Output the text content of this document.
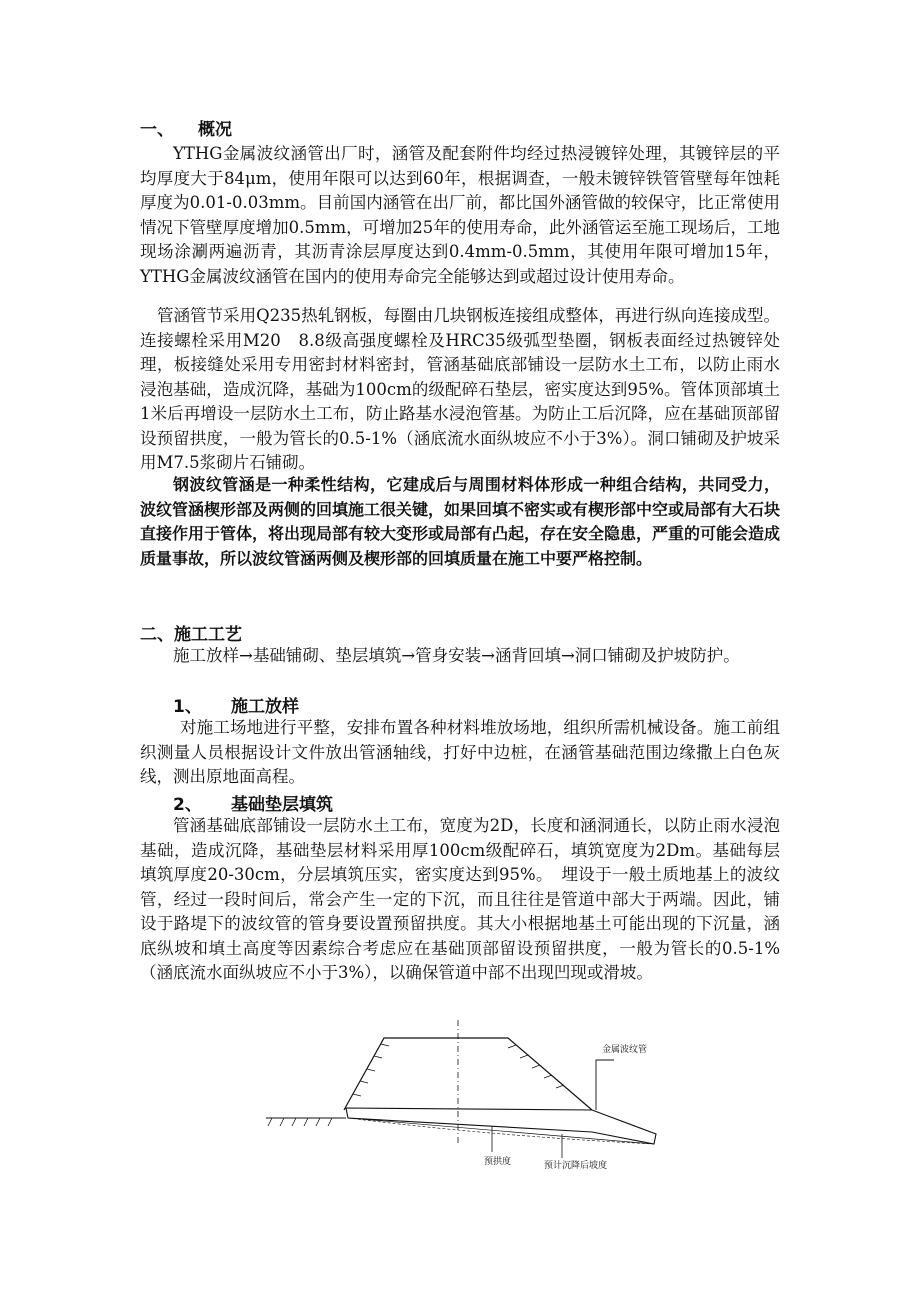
一、 概况

YTHG金属波纹涵管出厂时，涵管及配套附件均经过热浸镀锌处理，其镀锌层的平均厚度大于84μm，使用年限可以达到60年，根据调查，一般未镀锌铁管管壁每年蚀耗厚度为0.01-0.03mm。目前国内涵管在出厂前，都比国外涵管做的较保守，比正常使用情况下管壁厚度增加0.5mm，可增加25年的使用寿命，此外涵管运至施工现场后，工地现场涂涮两遍沥青，其沥青涂层厚度达到0.4mm-0.5mm，其使用年限可增加15年，YTHG金属波纹涵管在国内的使用寿命完全能够达到或超过设计使用寿命。

管涵管节采用Q235热轧钢板，每圈由几块钢板连接组成整体，再进行纵向连接成型。连接螺栓采用M20　8.8级高强度螺栓及HRC35级弧型垫圈，钢板表面经过热镀锌处理，板接缝处采用专用密封材料密封，管涵基础底部铺设一层防水土工布，以防止雨水浸泡基础，造成沉降，基础为100cm的级配碎石垫层，密实度达到95%。管体顶部填土1米后再增设一层防水土工布，防止路基水浸泡管基。为防止工后沉降，应在基础顶部留设预留拱度，一般为管长的0.5-1%（涵底流水面纵坡应不小于3%）。洞口铺砌及护坡采用M7.5浆砌片石铺砌。

钢波纹管涵是一种柔性结构，它建成后与周围材料体形成一种组合结构，共同受力，波纹管涵楔形部及两侧的回填施工很关键，如果回填不密实或有楔形部中空或局部有大石块直接作用于管体，将出现局部有较大变形或局部有凸起，存在安全隐患，严重的可能会造成质量事故，所以波纹管涵两侧及楔形部的回填质量在施工中要严格控制。

二、施工工艺

施工放样→基础铺砌、垫层填筑→管身安装→涵背回填→洞口铺砌及护坡防护。

1、 施工放样

对施工场地进行平整，安排布置各种材料堆放场地，组织所需机械设备。施工前组织测量人员根据设计文件放出管涵轴线，打好中边桩，在涵管基础范围边缘撒上白色灰线，测出原地面高程。

2、 基础垫层填筑

管涵基础底部铺设一层防水土工布，宽度为2D，长度和涵洞通长，以防止雨水浸泡基础，造成沉降，基础垫层材料采用厚100cm级配碎石，填筑宽度为2Dm。基础每层填筑厚度20-30cm，分层填筑压实，密实度达到95%。　埋设于一般土质地基上的波纹管，经过一段时间后，常会产生一定的下沉，而且往往是管道中部大于两端。因此，铺设于路堤下的波纹管的管身要设置预留拱度。其大小根据地基土可能出现的下沉量，涵底纵坡和填土高度等因素综合考虑应在基础顶部留设预留拱度，一般为管长的0.5-1%（涵底流水面纵坡应不小于3%），以确保管道中部不出现凹现或滑坡。

金属波纹管
预拱度	预计沉降后坡度
